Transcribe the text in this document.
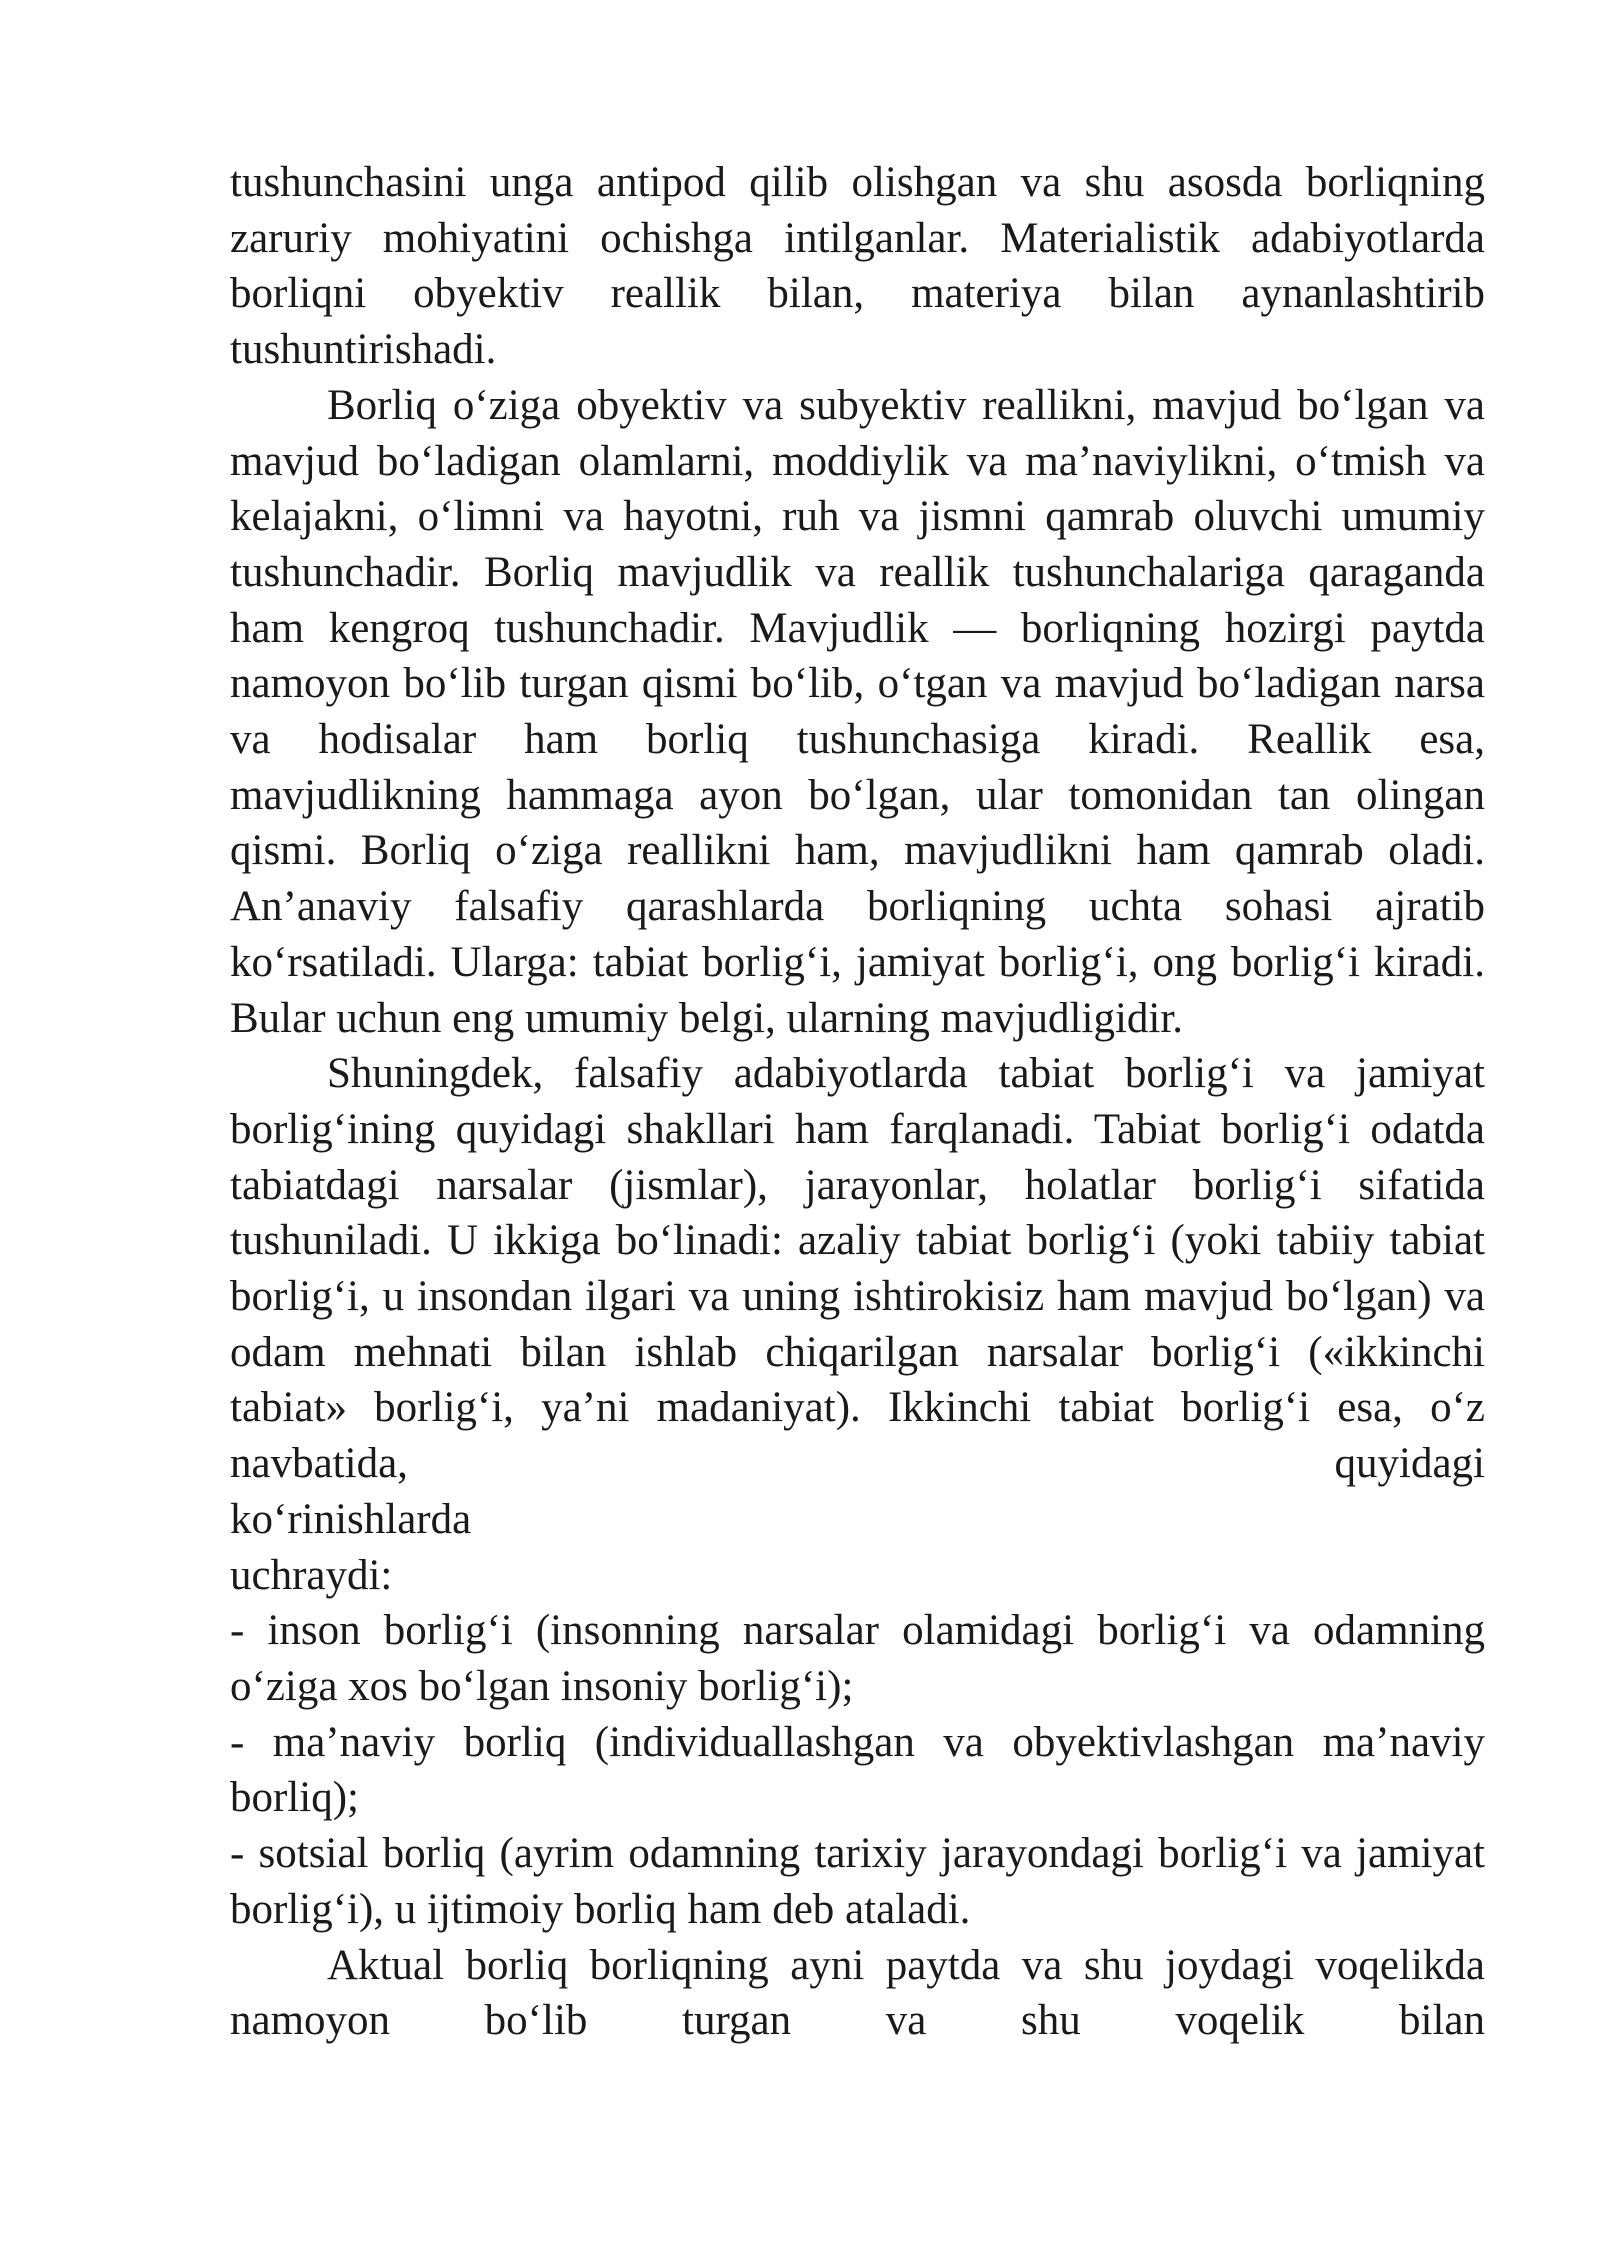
tushunchasini unga antipod qilib olishgan va shu asosda borliqning zaruriy mohiyatini ochishga intilganlar. Materialistik adabiyotlarda borliqni obyektiv reallik bilan, materiya bilan aynanlashtirib tushuntirishadi.

Borliq o‘ziga obyektiv va subyektiv reallikni, mavjud bo‘lgan va mavjud bo‘ladigan olamlarni, moddiylik va ma’naviylikni, o‘tmish va kelajakni, o‘limni va hayotni, ruh va jismni qamrab oluvchi umumiy tushunchadir. Borliq mavjudlik va reallik tushunchalariga qaraganda ham kengroq tushunchadir. Mavjudlik — borliqning hozirgi paytda namoyon bo‘lib turgan qismi bo‘lib, o‘tgan va mavjud bo‘ladigan narsa va hodisalar ham borliq tushunchasiga kiradi. Reallik esa, mavjudlikning hammaga ayon bo‘lgan, ular tomonidan tan olingan qismi. Borliq o‘ziga reallikni ham, mavjudlikni ham qamrab oladi. An’anaviy falsafiy qarashlarda borliqning uchta sohasi ajratib ko‘rsatiladi. Ularga: tabiat borlig‘i, jamiyat borlig‘i, ong borlig‘i kiradi. Bular uchun eng umumiy belgi, ularning mavjudligidir.

Shuningdek, falsafiy adabiyotlarda tabiat borlig‘i va jamiyat borlig‘ining quyidagi shakllari ham farqlanadi. Tabiat borlig‘i odatda tabiatdagi narsalar (jismlar), jarayonlar, holatlar borlig‘i sifatida tushuniladi. U ikkiga bo‘linadi: azaliy tabiat borlig‘i (yoki tabiiy tabiat borlig‘i, u insondan ilgari va uning ishtirokisiz ham mavjud bo‘lgan) va odam mehnati bilan ishlab chiqarilgan narsalar borlig‘i («ikkinchi tabiat» borlig‘i, ya’ni madaniyat). Ikkinchi tabiat borlig‘i esa, o‘z navbatida, quyidagi

ko‘rinishlarda

uchraydi:

- inson borlig‘i (insonning narsalar olamidagi borlig‘i va odamning o‘ziga xos bo‘lgan insoniy borlig‘i);

- ma’naviy borliq (individuallashgan va obyektivlashgan ma’naviy borliq);

- sotsial borliq (ayrim odamning tarixiy jarayondagi borlig‘i va jamiyat borlig‘i), u ijtimoiy borliq ham deb ataladi.

Aktual borliq borliqning ayni paytda va shu joydagi voqelikda namoyon bo‘lib turgan va shu voqelik bilan
